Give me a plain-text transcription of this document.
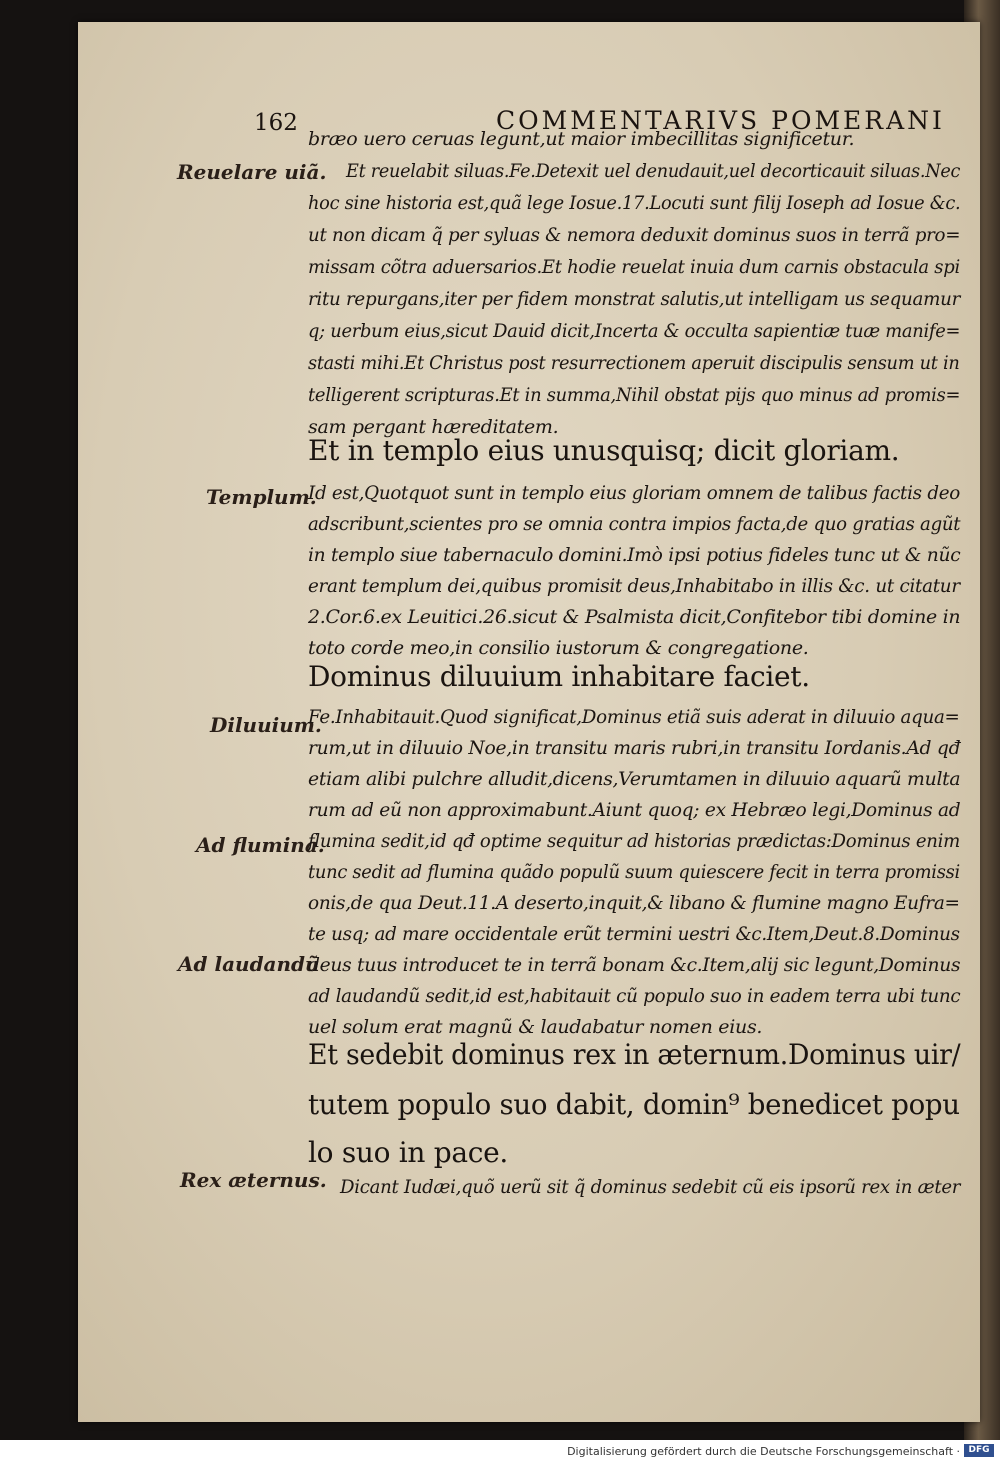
162	COMMENTARIVS POMERANI
Reuelare uiã.
Templum.
Diluuium.
Ad flumina.
Ad laudandũ
Rex æternus.
bræo uero ceruas legunt,ut maior imbecillitas significetur.
Et reuelabit siluas.Fe.Detexit uel denudauit,uel decorticauit siluas.Nec
hoc sine historia est,quã lege Iosue.17.Locuti sunt filij Ioseph ad Iosue &c.
ut non dicam q̃ per syluas & nemora deduxit dominus suos in terrã pro=
missam cõtra aduersarios.Et hodie reuelat inuia dum carnis obstacula spi
ritu repurgans,iter per fidem monstrat salutis,ut intelligam us sequamur
q; uerbum eius,sicut Dauid dicit,Incerta & occulta sapientiæ tuæ manife=
stasti mihi.Et Christus post resurrectionem aperuit discipulis sensum ut in
telligerent scripturas.Et in summa,Nihil obstat pijs quo minus ad promis=
sam pergant hæreditatem.
Et in templo eius unusquisq; dicit gloriam.
Id est,Quotquot sunt in templo eius gloriam omnem de talibus factis deo
adscribunt,scientes pro se omnia contra impios facta,de quo gratias agũt
in templo siue tabernaculo domini.Imò ipsi potius fideles tunc ut & nũc
erant templum dei,quibus promisit deus,Inhabitabo in illis &c. ut citatur
2.Cor.6.ex Leuitici.26.sicut & Psalmista dicit,Confitebor tibi domine in
toto corde meo,in consilio iustorum & congregatione.
Dominus diluuium inhabitare faciet.
Fe.Inhabitauit.Quod significat,Dominus etiã suis aderat in diluuio aqua=
rum,ut in diluuio Noe,in transitu maris rubri,in transitu Iordanis.Ad qđ
etiam alibi pulchre alludit,dicens,Verumtamen in diluuio aquarũ multa
rum ad eũ non approximabunt.Aiunt quoq; ex Hebræo legi,Dominus ad
flumina sedit,id qđ optime sequitur ad historias prædictas:Dominus enim
tunc sedit ad flumina quãdo populũ suum quiescere fecit in terra promissi
onis,de qua Deut.11.A deserto,inquit,& libano & flumine magno Eufra=
te usq; ad mare occidentale erũt termini uestri &c.Item,Deut.8.Dominus
deus tuus introducet te in terrã bonam &c.Item,alij sic legunt,Dominus
ad laudandũ sedit,id est,habitauit cũ populo suo in eadem terra ubi tunc
uel solum erat magnũ & laudabatur nomen eius.
Et sedebit dominus rex in æternum.Dominus uir/
tutem populo suo dabit, domin⁹ benedicet popu
lo suo in pace.
Dicant Iudæi,quõ uerũ sit q̃ dominus sedebit cũ eis ipsorũ rex in æter
Digitalisierung gefördert durch die Deutsche Forschungsgemeinschaft · DFG
